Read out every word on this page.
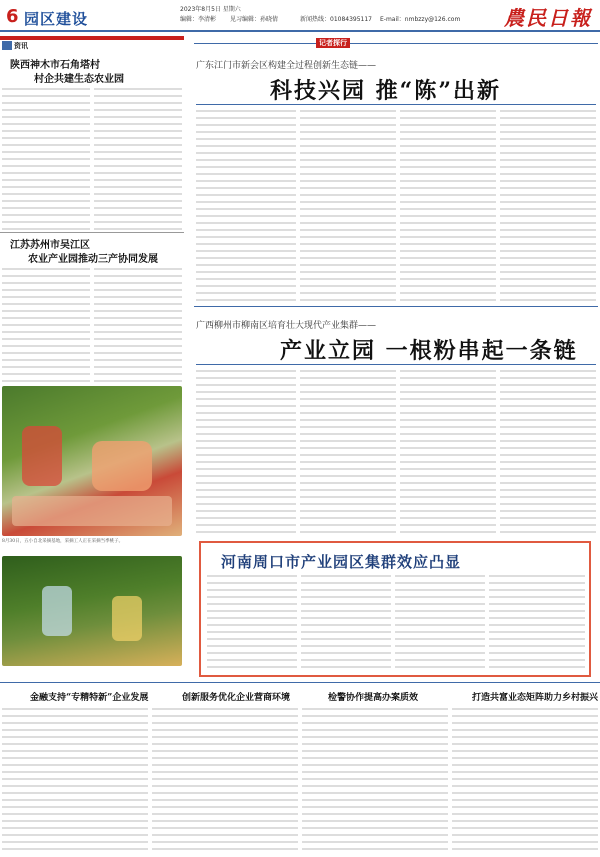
6 园区建设
2023年8月5日 星期六
编辑：李清彬 见习编辑：孙晓倩	新闻热线：01084395117 E-mail：nmbzzy@126.com 農民日報
资讯
陕西神木市石角塔村
村企共建生态农业园
江苏苏州市吴江区
农业产业园推动三产协同发展
8月30日，五小自北采摘基地，采摘工人正在采摘当季桃子。
记者探行
广东江门市新会区构建全过程创新生态链——
科技兴园 推“陈”出新
广西柳州市柳南区培育壮大现代产业集群——
产业立园 一根粉串起一条链
河南周口市产业园区集群效应凸显
金融支持“专精特新”企业发展	创新服务优化企业营商环境	检警协作提高办案质效	打造共富业态矩阵助力乡村振兴
